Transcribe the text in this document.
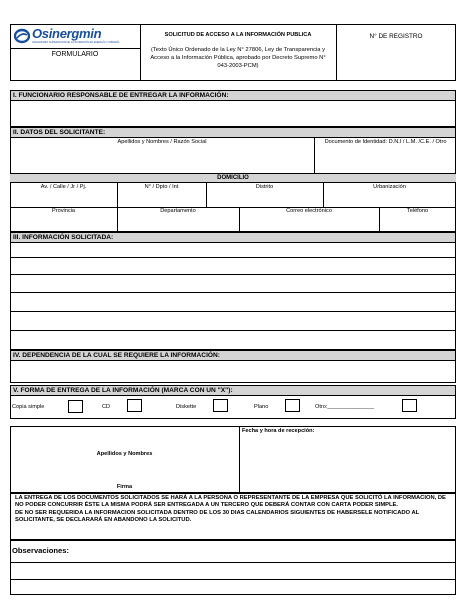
Osinergmin
ORGANISMO SUPERVISOR DE LA INVERSIÓN EN ENERGÍA Y MINERÍA
FORMULARIO
SOLICITUD DE ACCESO A LA INFORMACIÓN PUBLICA
(Texto Único Ordenado de la Ley N° 27806, Ley de Transparencia y Acceso a la Información Pública, aprobado por Decreto Supremo N° 043-2003-PCM)
N° DE REGISTRO
I. FUNCIONARIO RESPONSABLE DE ENTREGAR LA INFORMACIÓN:
II. DATOS DEL SOLICITANTE:
Apellidos y Nombres / Razón Social	Documento de Identidad: D.N.I / L.M. /C.E. / Otro
DOMICILIO
Av. / Calle / Jr / Pj.	N° / Dpto / Int	Distrito	Urbanización
Provincia	Departamento	Correo electrónico	Teléfono
III. INFORMACIÓN SOLICITADA:
IV. DEPENDENCIA DE LA CUAL SE REQUIERE LA INFORMACIÓN:
V. FORMA DE ENTREGA DE LA INFORMACIÓN (MARCA CON UN "X"):
Copia simple	CD	Diskette	Plano	Otro:_______________
Fecha y hora de recepción:
Apellidos y Nombres
Firma
LA ENTREGA DE LOS DOCUMENTOS SOLICITADOS SE HARÁ A LA PERSONA O REPRESENTANTE DE LA EMPRESA QUE SOLICITÓ LA INFORMACION, DE NO PODER CONCURRIR ÉSTE LA MISMA PODRÁ SER ENTREGADA A UN TERCERO QUE DEBERÁ CONTAR CON CARTA PODER SIMPLE.
DE NO SER REQUERIDA LA INFORMACION SOLICITADA DENTRO DE LOS 30 DIAS CALENDARIOS SIGUIENTES DE HABERSELE NOTIFICADO AL SOLICITANTE, SE DECLARARÁ EN ABANDONO LA SOLICITUD.
Observaciones:
